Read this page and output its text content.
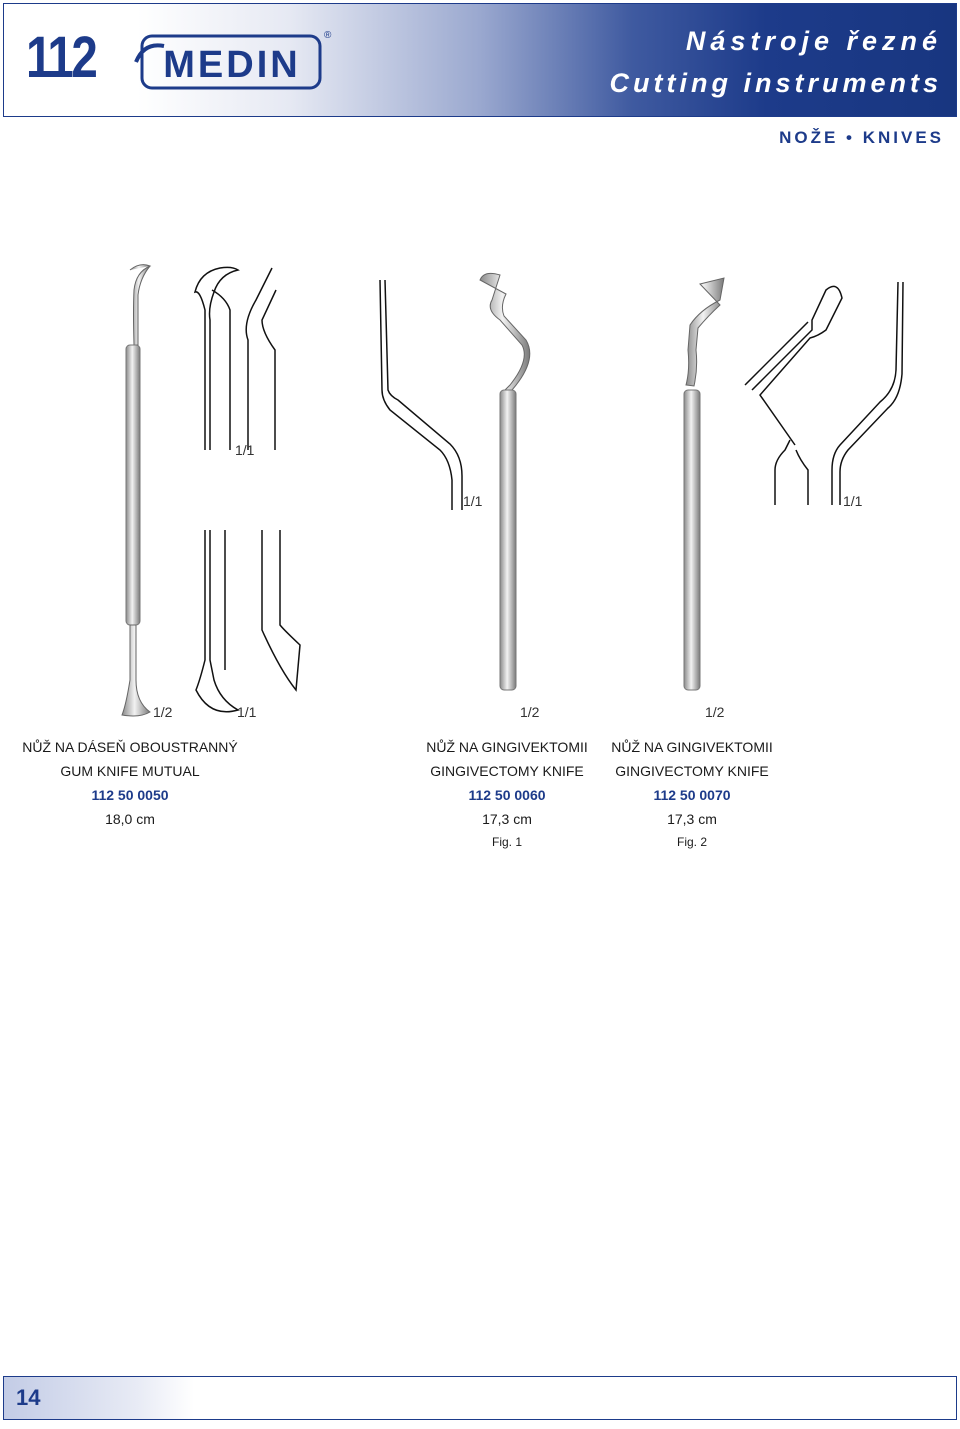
112 MEDIN
®	Nástroje řezné
Cutting instruments
NOŽE • KNIVES
1/1
1/1	1/1
1/2	1/1	1/2	1/2
NŮŽ NA DÁSEŇ OBOUSTRANNÝ
GUM KNIFE MUTUAL
112 50 0050
18,0 cm
NŮŽ NA GINGIVEKTOMII
GINGIVECTOMY KNIFE
112 50 0060
17,3 cm
Fig. 1
NŮŽ NA GINGIVEKTOMII
GINGIVECTOMY KNIFE
112 50 0070
17,3 cm
Fig. 2
14
